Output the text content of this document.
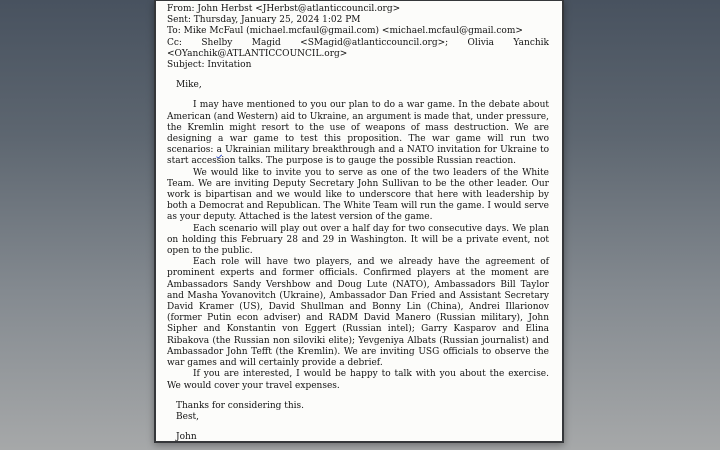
From: John Herbst <JHerbst@atlanticcouncil.org>
Sent: Thursday, January 25, 2024 1:02 PM
To: Mike McFaul (michael.mcfaul@gmail.com) <michael.mcfaul@gmail.com>
Cc: Shelby Magid <SMagid@atlanticcouncil.org>; Olivia Yanchik
<OYanchik@ATLANTICCOUNCIL.org>
Subject: Invitation
Mike,

I may have mentioned to you our plan to do a war game. In the debate about American (and Western) aid to Ukraine, an argument is made that, under pressure, the Kremlin might resort to the use of weapons of mass destruction. We are designing a war game to test this proposition. The war game will run two scenarios: a Ukrainian military breakthrough and a NATO invitation for Ukraine to start accession talks. The purpose is to gauge the possible Russian reaction.

We would like to invite you to serve as one of the two leaders of the White Team. We are inviting Deputy Secretary John Sullivan to be the other leader. Our work is bipartisan and we would like to underscore that here with leadership by both a Democrat and Republican. The White Team will run the game. I would serve as your deputy. Attached is the latest version of the game.

Each scenario will play out over a half day for two consecutive days. We plan on holding this February 28 and 29 in Washington. It will be a private event, not open to the public.

Each role will have two players, and we already have the agreement of prominent experts and former officials. Confirmed players at the moment are Ambassadors Sandy Vershbow and Doug Lute (NATO), Ambassadors Bill Taylor and Masha Yovanovitch (Ukraine), Ambassador Dan Fried and Assistant Secretary David Kramer (US), David Shullman and Bonny Lin (China), Andrei Illarionov (former Putin econ adviser) and RADM David Manero (Russian military), John Sipher and Konstantin von Eggert (Russian intel); Garry Kasparov and Elina Ribakova (the Russian non siloviki elite); Yevgeniya Albats (Russian journalist) and Ambassador John Tefft (the Kremlin). We are inviting USG officials to observe the war games and will certainly provide a debrief.

If you are interested, I would be happy to talk with you about the exercise. We would cover your travel expenses.

Thanks for considering this.
Best,
John
